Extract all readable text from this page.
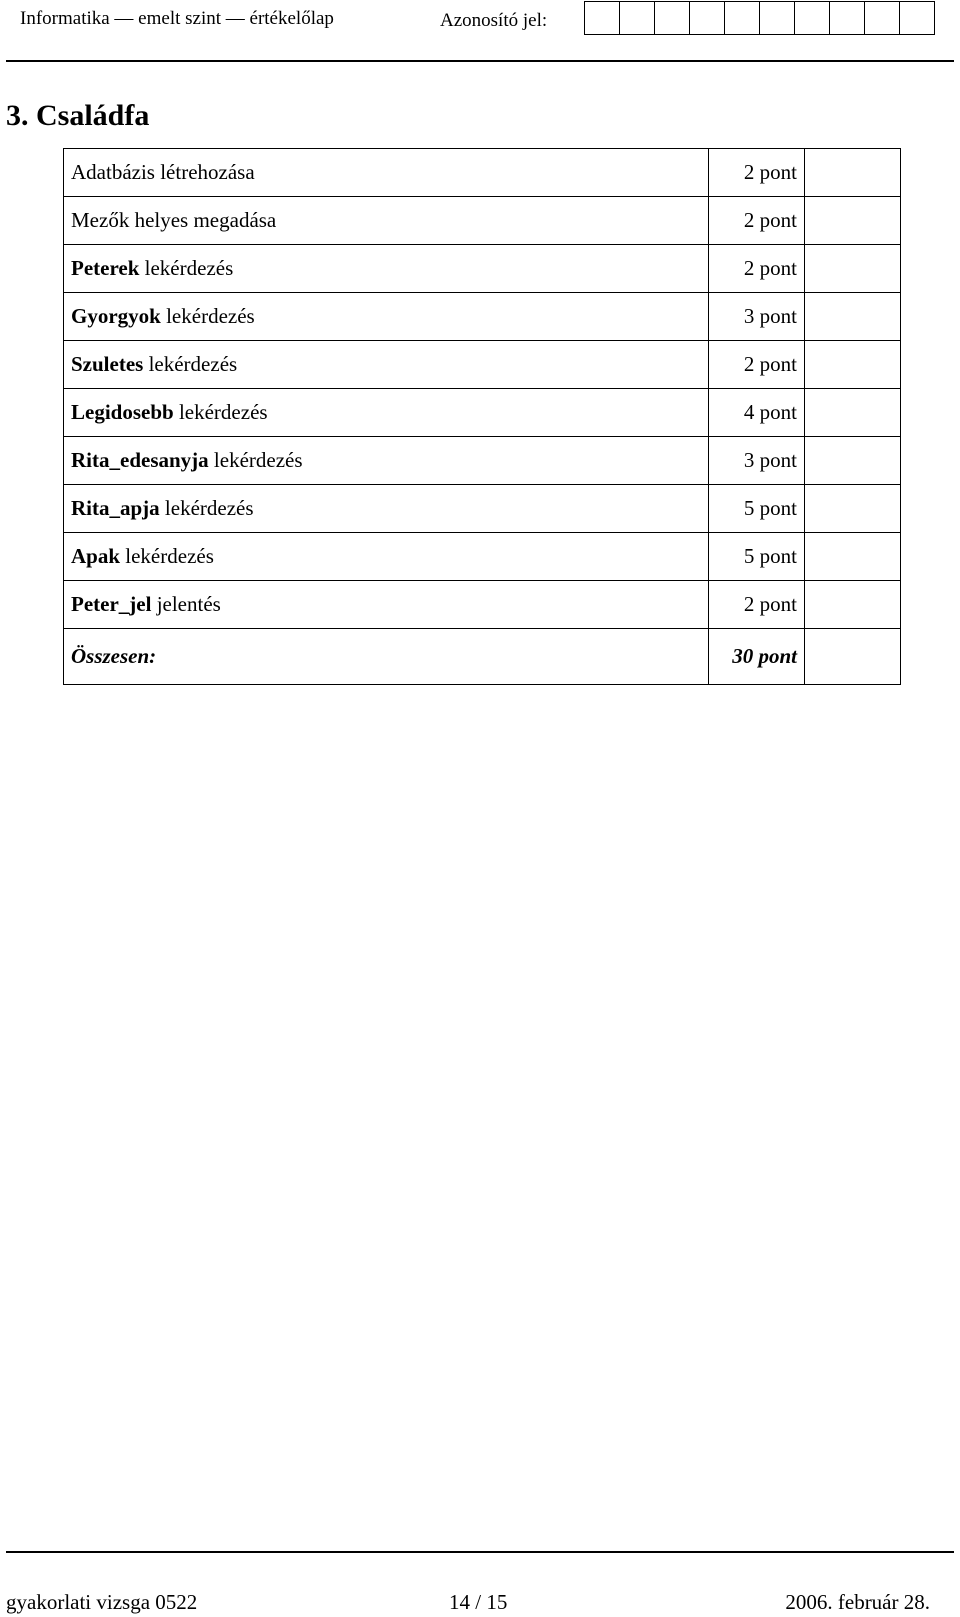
Informatika — emelt szint — értékelőlap	Azonosító jel:
3. Családfa
Adatbázis létrehozása	2 pont	
Mezők helyes megadása	2 pont	
Peterek lekérdezés	2 pont	
Gyorgyok lekérdezés	3 pont	
Szuletes lekérdezés	2 pont	
Legidosebb lekérdezés	4 pont	
Rita_edesanyja lekérdezés	3 pont	
Rita_apja lekérdezés	5 pont	
Apak lekérdezés	5 pont	
Peter_jel jelentés	2 pont	
Összesen:	30 pont	
gyakorlati vizsga 0522	14 / 15	2006. február 28.
